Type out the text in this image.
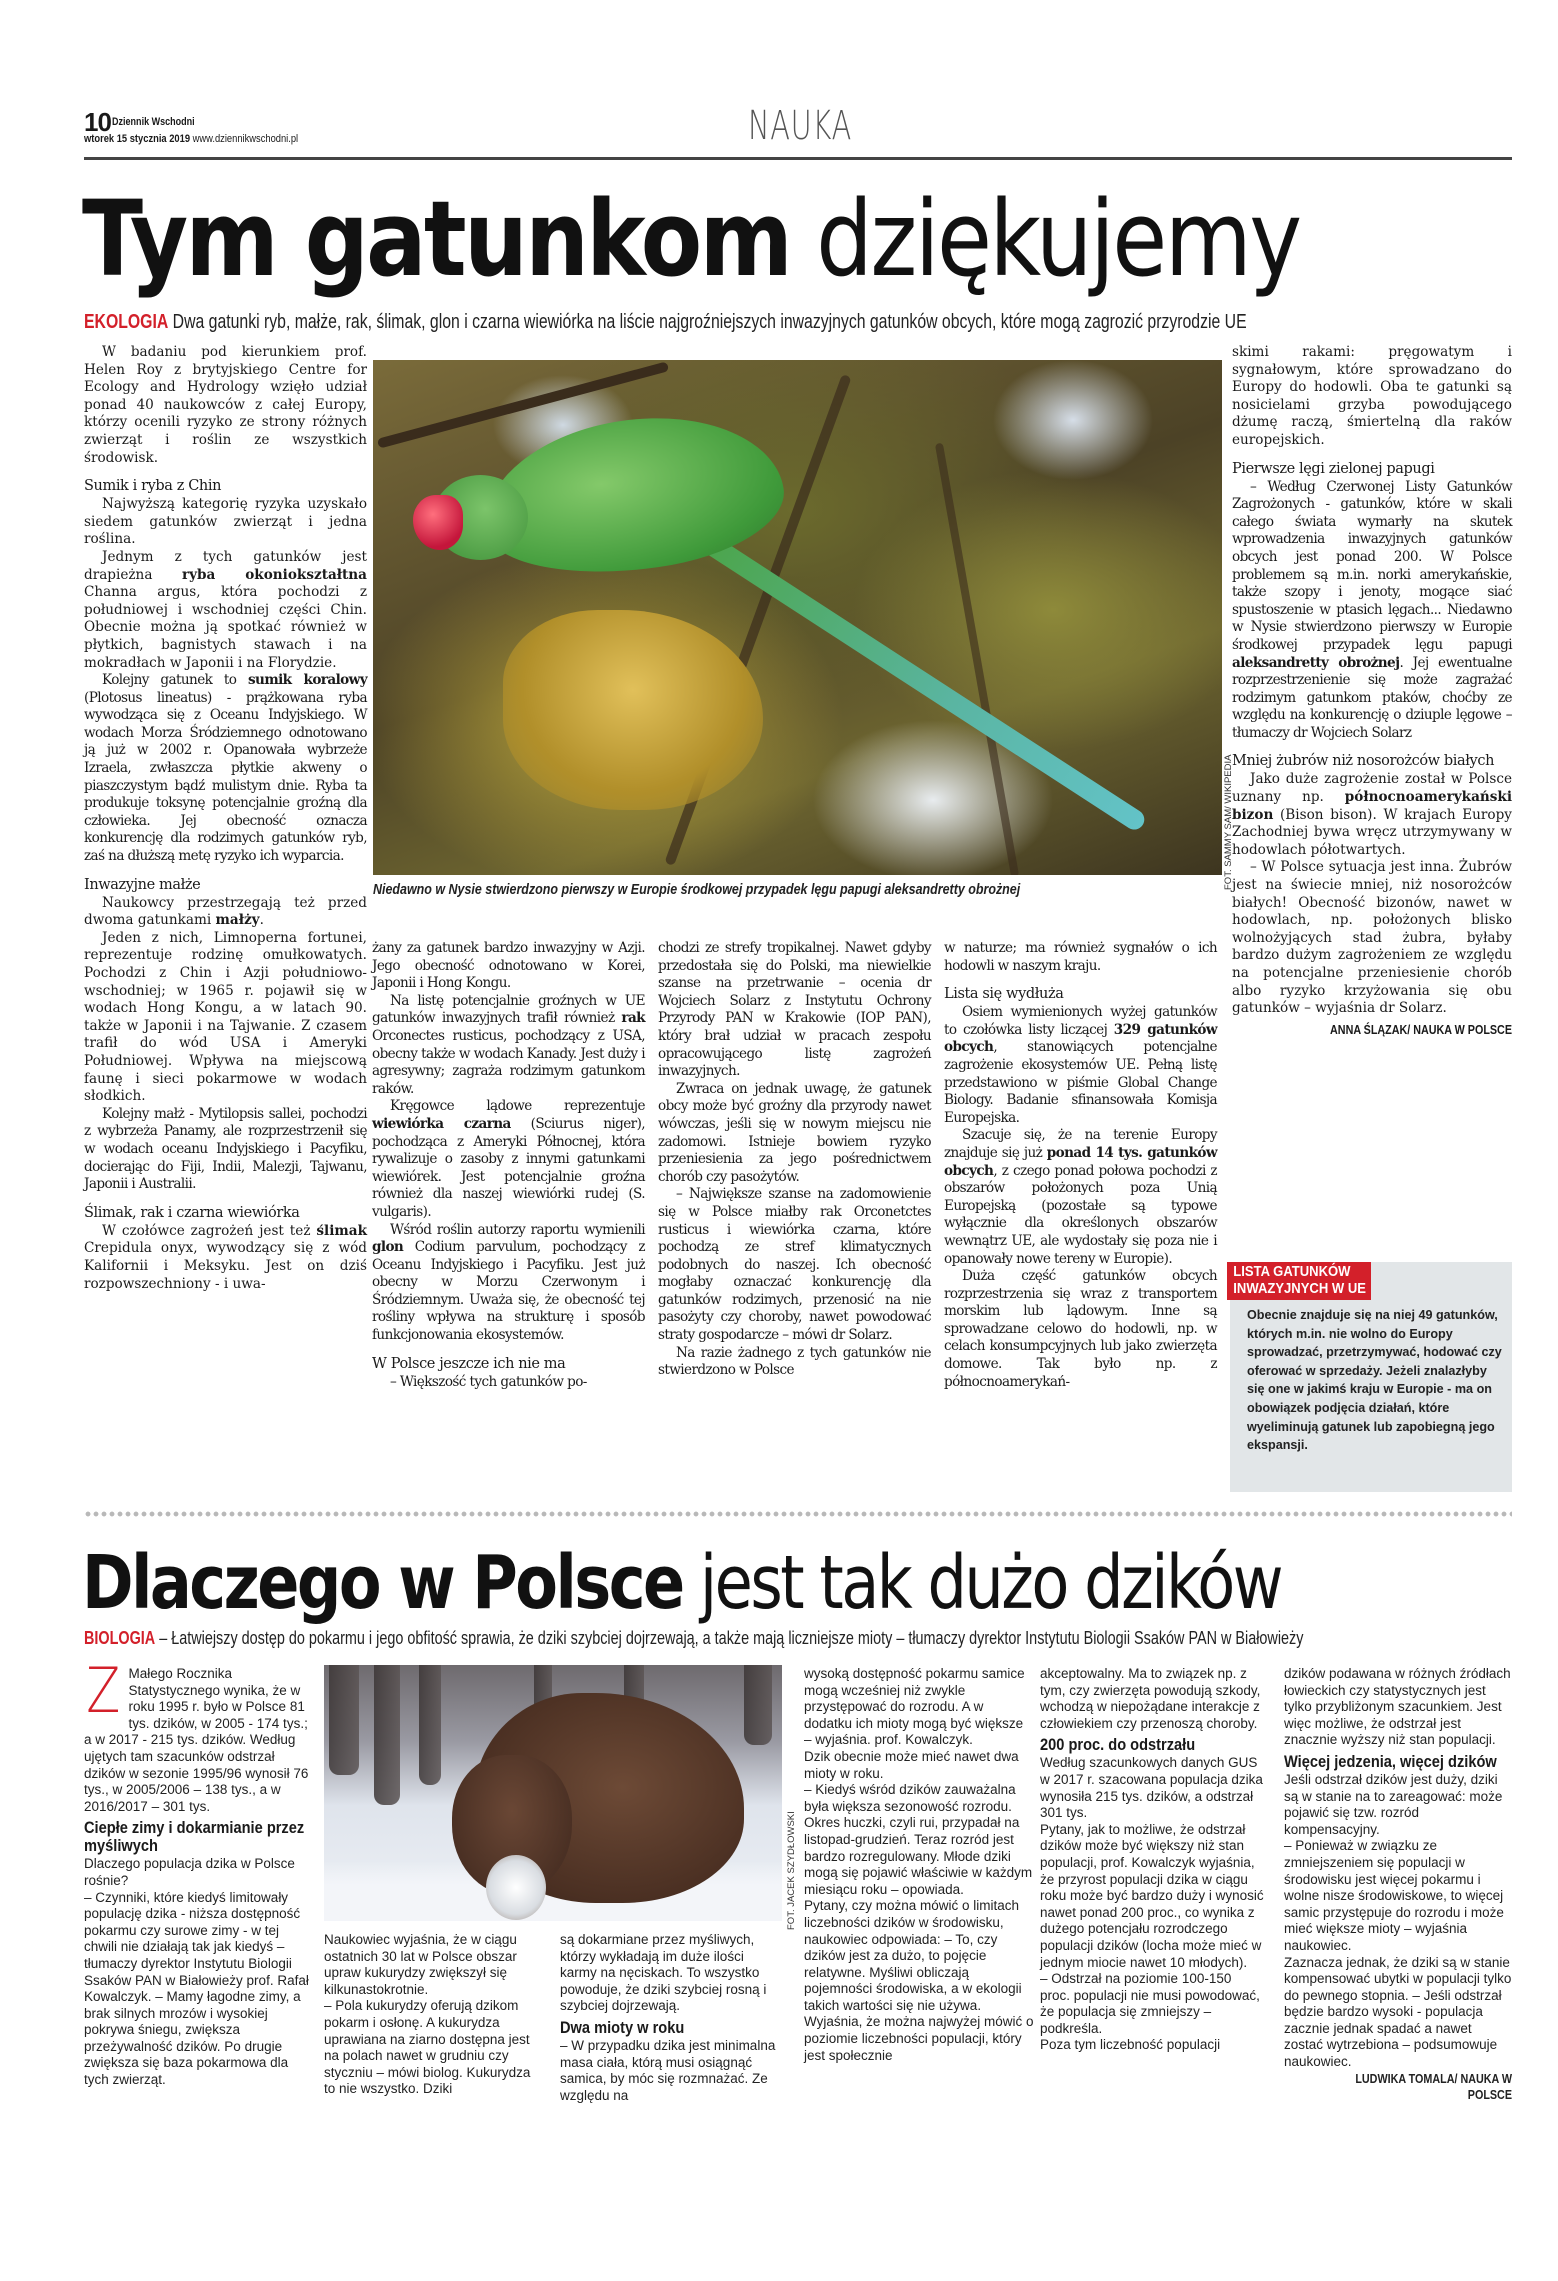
10 Dziennik Wschodni
wtorek 15 stycznia 2019 www.dziennikwschodni.pl	NAUKA
Tym gatunkom dziękujemy
EKOLOGIA Dwa gatunki ryb, małże, rak, ślimak, glon i czarna wiewiórka na liście najgroźniejszych inwazyjnych gatunków obcych, które mogą zagrozić przyrodzie UE

W badaniu pod kierunkiem prof. Helen Roy z brytyjskiego Centre for Ecology and Hydrology wzięło udział ponad 40 naukowców z całej Europy, którzy ocenili ryzyko ze strony różnych zwierząt i roślin ze wszystkich środowisk.

Sumik i ryba z Chin

Najwyższą kategorię ryzyka uzyskało siedem gatunków zwierząt i jedna roślina.

Jednym z tych gatunków jest drapieżna ryba okoniokształtna Channa argus, która pochodzi z południowej i wschodniej części Chin. Obecnie można ją spotkać również w płytkich, bagnistych stawach i na mokradłach w Japonii i na Florydzie.

Kolejny gatunek to sumik koralowy (Plotosus lineatus) - prążkowana ryba wywodząca się z Oceanu Indyjskiego. W wodach Morza Śródziemnego odnotowano ją już w 2002 r. Opanowała wybrzeże Izraela, zwłaszcza płytkie akweny o piaszczystym bądź mulistym dnie. Ryba ta produkuje toksynę potencjalnie groźną dla człowieka. Jej obecność oznacza konkurencję dla rodzimych gatunków ryb, zaś na dłuższą metę ryzyko ich wyparcia.

Inwazyjne małże

Naukowcy przestrzegają też przed dwoma gatunkami małży.

Jeden z nich, Limnoperna fortunei, reprezentuje rodzinę omułkowatych. Pochodzi z Chin i Azji południowo-wschodniej; w 1965 r. pojawił się w wodach Hong Kongu, a w latach 90. także w Japonii i na Tajwanie. Z czasem trafił do wód USA i Ameryki Południowej. Wpływa na miejscową faunę i sieci pokarmowe w wodach słodkich.

Kolejny małż - Mytilopsis sallei, pochodzi z wybrzeża Panamy, ale rozprzestrzenił się w wodach oceanu Indyjskiego i Pacyfiku, docierając do Fiji, Indii, Malezji, Tajwanu, Japonii i Australii.

Ślimak, rak i czarna wiewiórka

W czołówce zagrożeń jest też ślimak Crepidula onyx, wywodzący się z wód Kalifornii i Meksyku. Jest on dziś rozpowszechniony - i uwa-

FOT. SAMMY SAM/ WIKIPEDIA
Niedawno w Nysie stwierdzono pierwszy w Europie środkowej przypadek lęgu papugi aleksandretty obrożnej

żany za gatunek bardzo inwazyjny w Azji. Jego obecność odnotowano w Korei, Japonii i Hong Kongu.

Na listę potencjalnie groźnych w UE gatunków inwazyjnych trafił również rak Orconectes rusticus, pochodzący z USA, obecny także w wodach Kanady. Jest duży i agresywny; zagraża rodzimym gatunkom raków.

Kręgowce lądowe reprezentuje wiewiórka czarna (Sciurus niger), pochodząca z Ameryki Północnej, która rywalizuje o zasoby z innymi gatunkami wiewiórek. Jest potencjalnie groźna również dla naszej wiewiórki rudej (S. vulgaris).

Wśród roślin autorzy raportu wymienili glon Codium parvulum, pochodzący z Oceanu Indyjskiego i Pacyfiku. Jest już obecny w Morzu Czerwonym i Śródziemnym. Uważa się, że obecność tej rośliny wpływa na strukturę i sposób funkcjonowania ekosystemów.

W Polsce jeszcze ich nie ma

– Większość tych gatunków po-

chodzi ze strefy tropikalnej. Nawet gdyby przedostała się do Polski, ma niewielkie szanse na przetrwanie – ocenia dr Wojciech Solarz z Instytutu Ochrony Przyrody PAN w Krakowie (IOP PAN), który brał udział w pracach zespołu opracowującego listę zagrożeń inwazyjnych.

Zwraca on jednak uwagę, że gatunek obcy może być groźny dla przyrody nawet wówczas, jeśli się w nowym miejscu nie zadomowi. Istnieje bowiem ryzyko przeniesienia za jego pośrednictwem chorób czy pasożytów.

– Największe szanse na zadomowienie się w Polsce miałby rak Orconetctes rusticus i wiewiórka czarna, które pochodzą ze stref klimatycznych podobnych do naszej. Ich obecność mogłaby oznaczać konkurencję dla gatunków rodzimych, przenosić na nie pasożyty czy choroby, nawet powodować straty gospodarcze – mówi dr Solarz.

Na razie żadnego z tych gatunków nie stwierdzono w Polsce

w naturze; ma również sygnałów o ich hodowli w naszym kraju.

Lista się wydłuża

Osiem wymienionych wyżej gatunków to czołówka listy liczącej 329 gatunków obcych, stanowiących potencjalne zagrożenie ekosystemów UE. Pełną listę przedstawiono w piśmie Global Change Biology. Badanie sfinansowała Komisja Europejska.

Szacuje się, że na terenie Europy znajduje się już ponad 14 tys. gatunków obcych, z czego ponad połowa pochodzi z obszarów położonych poza Unią Europejską (pozostałe są typowe wyłącznie dla określonych obszarów wewnątrz UE, ale wydostały się poza nie i opanowały nowe tereny w Europie).

Duża część gatunków obcych rozprzestrzenia się wraz z transportem morskim lub lądowym. Inne są sprowadzane celowo do hodowli, np. w celach konsumpcyjnych lub jako zwierzęta domowe. Tak było np. z północnoamerykań-

skimi rakami: pręgowatym i sygnałowym, które sprowadzano do Europy do hodowli. Oba te gatunki są nosicielami grzyba powodującego dżumę raczą, śmiertelną dla raków europejskich.

Pierwsze lęgi zielonej papugi

– Według Czerwonej Listy Gatunków Zagrożonych - gatunków, które w skali całego świata wymarły na skutek wprowadzenia inwazyjnych gatunków obcych jest ponad 200. W Polsce problemem są m.in. norki amerykańskie, także szopy i jenoty, mogące siać spustoszenie w ptasich lęgach... Niedawno w Nysie stwierdzono pierwszy w Europie środkowej przypadek lęgu papugi aleksandretty obrożnej. Jej ewentualne rozprzestrzenienie się może zagrażać rodzimym gatunkom ptaków, choćby ze względu na konkurencję o dziuple lęgowe – tłumaczy dr Wojciech Solarz

Mniej żubrów niż nosorożców białych

Jako duże zagrożenie został w Polsce uznany np. północnoamerykański bizon (Bison bison). W krajach Europy Zachodniej bywa wręcz utrzymywany w hodowlach półotwartych.

– W Polsce sytuacja jest inna. Żubrów jest na świecie mniej, niż nosorożców białych! Obecność bizonów, nawet w hodowlach, np. położonych blisko wolnożyjących stad żubra, byłaby bardzo dużym zagrożeniem ze względu na potencjalne przeniesienie chorób albo ryzyko krzyżowania się obu gatunków – wyjaśnia dr Solarz.

ANNA ŚLĄZAK/ NAUKA W POLSCE

LISTA GATUNKÓW
INWAZYJNYCH W UE
Obecnie znajduje się na niej 49 gatunków, których m.in. nie wolno do Europy sprowadzać, przetrzymywać, hodować czy oferować w sprzedaży. Jeżeli znalazłyby się one w jakimś kraju w Europie - ma on obowiązek podjęcia działań, które wyeliminują gatunek lub zapobiegną jego ekspansji.
Dlaczego w Polsce jest tak dużo dzików
BIOLOGIA – Łatwiejszy dostęp do pokarmu i jego obfitość sprawia, że dziki szybciej dojrzewają, a także mają liczniejsze mioty – tłumaczy dyrektor Instytutu Biologii Ssaków PAN w Białowieży

Z Małego Rocznika Statystycznego wynika, że w roku 1995 r. było w Polsce 81 tys. dzików, w 2005 - 174 tys.; a w 2017 - 215 tys. dzików. Według ujętych tam szacunków odstrzał dzików w sezonie 1995/96 wynosił 76 tys., w 2005/2006 – 138 tys., a w 2016/2017 – 301 tys.

Ciepłe zimy i dokarmianie przez myśliwych

Dlaczego populacja dzika w Polsce rośnie?

– Czynniki, które kiedyś limitowały populację dzika - niższa dostępność pokarmu czy surowe zimy - w tej chwili nie działają tak jak kiedyś – tłumaczy dyrektor Instytutu Biologii Ssaków PAN w Białowieży prof. Rafał Kowalczyk. – Mamy łagodne zimy, a brak silnych mrozów i wysokiej pokrywa śniegu, zwiększa przeżywalność dzików. Po drugie zwiększa się baza pokarmowa dla tych zwierząt.

FOT. JACEK SZYDŁOWSKI

Naukowiec wyjaśnia, że w ciągu ostatnich 30 lat w Polsce obszar upraw kukurydzy zwiększył się kilkunastokrotnie.

– Pola kukurydzy oferują dzikom pokarm i osłonę. A kukurydza uprawiana na ziarno dostępna jest na polach nawet w grudniu czy styczniu – mówi biolog. Kukurydza to nie wszystko. Dziki

są dokarmiane przez myśliwych, którzy wykładają im duże ilości karmy na nęciskach. To wszystko powoduje, że dziki szybciej rosną i szybciej dojrzewają.

Dwa mioty w roku

– W przypadku dzika jest minimalna masa ciała, którą musi osiągnąć samica, by móc się rozmnażać. Ze względu na

wysoką dostępność pokarmu samice mogą wcześniej niż zwykle przystępować do rozrodu. A w dodatku ich mioty mogą być większe – wyjaśnia. prof. Kowalczyk.

Dzik obecnie może mieć nawet dwa mioty w roku.

– Kiedyś wśród dzików zauważalna była większa sezonowość rozrodu. Okres huczki, czyli rui, przypadał na listopad-grudzień. Teraz rozród jest bardzo rozregulowany. Młode dziki mogą się pojawić właściwie w każdym miesiącu roku – opowiada.

Pytany, czy można mówić o limitach liczebności dzików w środowisku, naukowiec odpowiada: – To, czy dzików jest za dużo, to pojęcie relatywne. Myśliwi obliczają pojemności środowiska, a w ekologii takich wartości się nie używa.

Wyjaśnia, że można najwyżej mówić o poziomie liczebności populacji, który jest społecznie

akceptowalny. Ma to związek np. z tym, czy zwierzęta powodują szkody, wchodzą w niepożądane interakcje z człowiekiem czy przenoszą choroby.

200 proc. do odstrzału

Według szacunkowych danych GUS w 2017 r. szacowana populacja dzika wynosiła 215 tys. dzików, a odstrzał 301 tys.

Pytany, jak to możliwe, że odstrzał dzików może być większy niż stan populacji, prof. Kowalczyk wyjaśnia, że przyrost populacji dzika w ciągu roku może być bardzo duży i wynosić nawet ponad 200 proc., co wynika z dużego potencjału rozrodczego populacji dzików (locha może mieć w jednym miocie nawet 10 młodych).

– Odstrzał na poziomie 100-150 proc. populacji nie musi powodować, że populacja się zmniejszy – podkreśla.

Poza tym liczebność populacji

dzików podawana w różnych źródłach łowieckich czy statystycznych jest tylko przybliżonym szacunkiem. Jest więc możliwe, że odstrzał jest znacznie wyższy niż stan populacji.

Więcej jedzenia, więcej dzików

Jeśli odstrzał dzików jest duży, dziki są w stanie na to zareagować: może pojawić się tzw. rozród kompensacyjny.

– Ponieważ w związku ze zmniejszeniem się populacji w środowisku jest więcej pokarmu i wolne nisze środowiskowe, to więcej samic przystępuje do rozrodu i może mieć większe mioty – wyjaśnia naukowiec.

Zaznacza jednak, że dziki są w stanie kompensować ubytki w populacji tylko do pewnego stopnia. – Jeśli odstrzał będzie bardzo wysoki - populacja zacznie jednak spadać a nawet zostać wytrzebiona – podsumowuje naukowiec.

LUDWIKA TOMALA/ NAUKA W POLSCE
